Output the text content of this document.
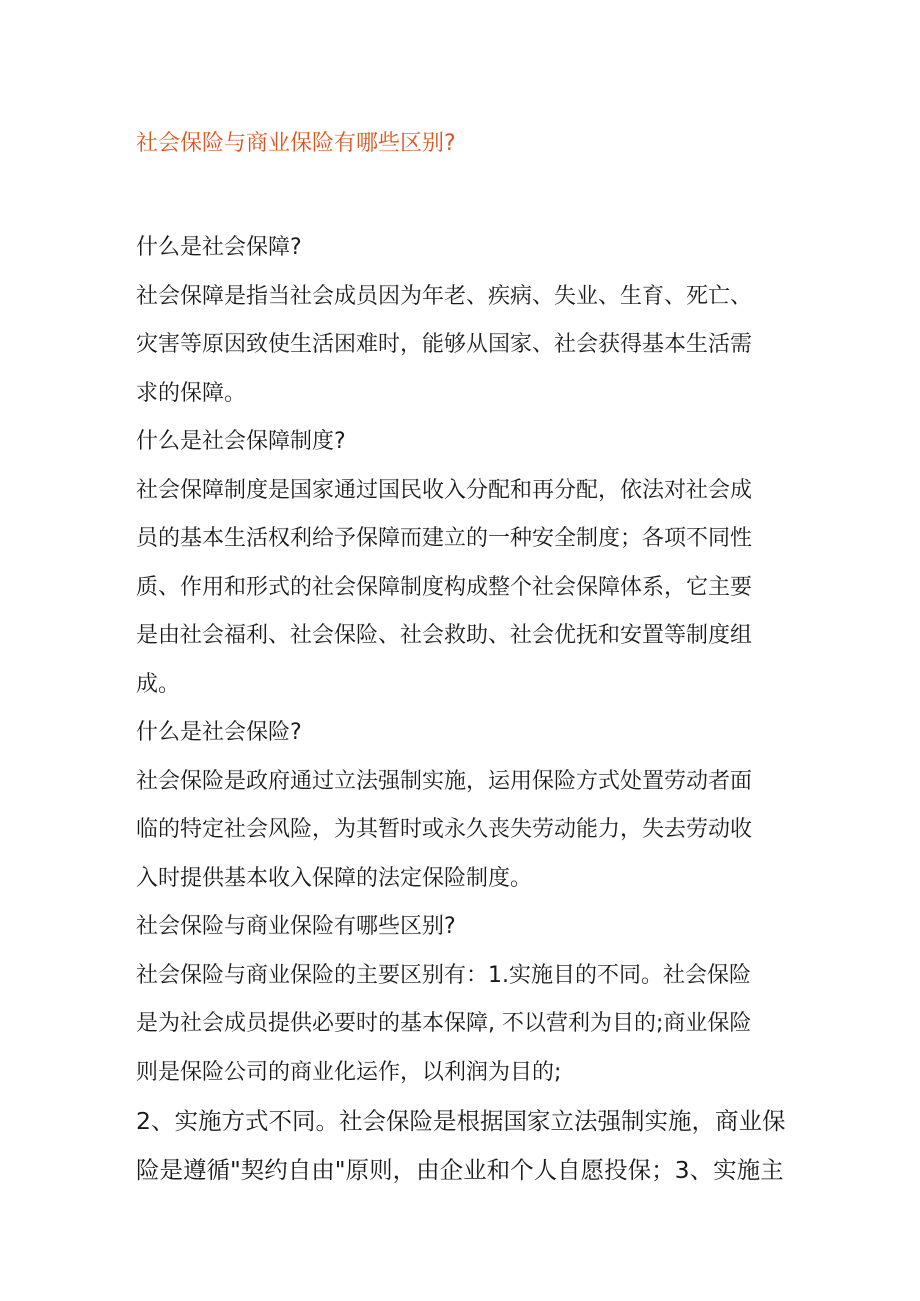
社会保险与商业保险有哪些区别?
什么是社会保障?
社会保障是指当社会成员因为年老、疾病、失业、生育、死亡、
灾害等原因致使生活困难时，能够从国家、社会获得基本生活需
求的保障。
什么是社会保障制度?
社会保障制度是国家通过国民收入分配和再分配，依法对社会成
员的基本生活权利给予保障而建立的一种安全制度；各项不同性
质、作用和形式的社会保障制度构成整个社会保障体系，它主要
是由社会福利、社会保险、社会救助、社会优抚和安置等制度组
成。
什么是社会保险?
社会保险是政府通过立法强制实施，运用保险方式处置劳动者面
临的特定社会风险，为其暂时或永久丧失劳动能力，失去劳动收
入时提供基本收入保障的法定保险制度。
社会保险与商业保险有哪些区别?
社会保险与商业保险的主要区别有：1.实施目的不同。社会保险
是为社会成员提供必要时的基本保障, 不以营利为目的;商业保险
则是保险公司的商业化运作，以利润为目的;
2、实施方式不同。社会保险是根据国家立法强制实施，商业保
险是遵循"契约自由"原则，由企业和个人自愿投保；3、实施主
